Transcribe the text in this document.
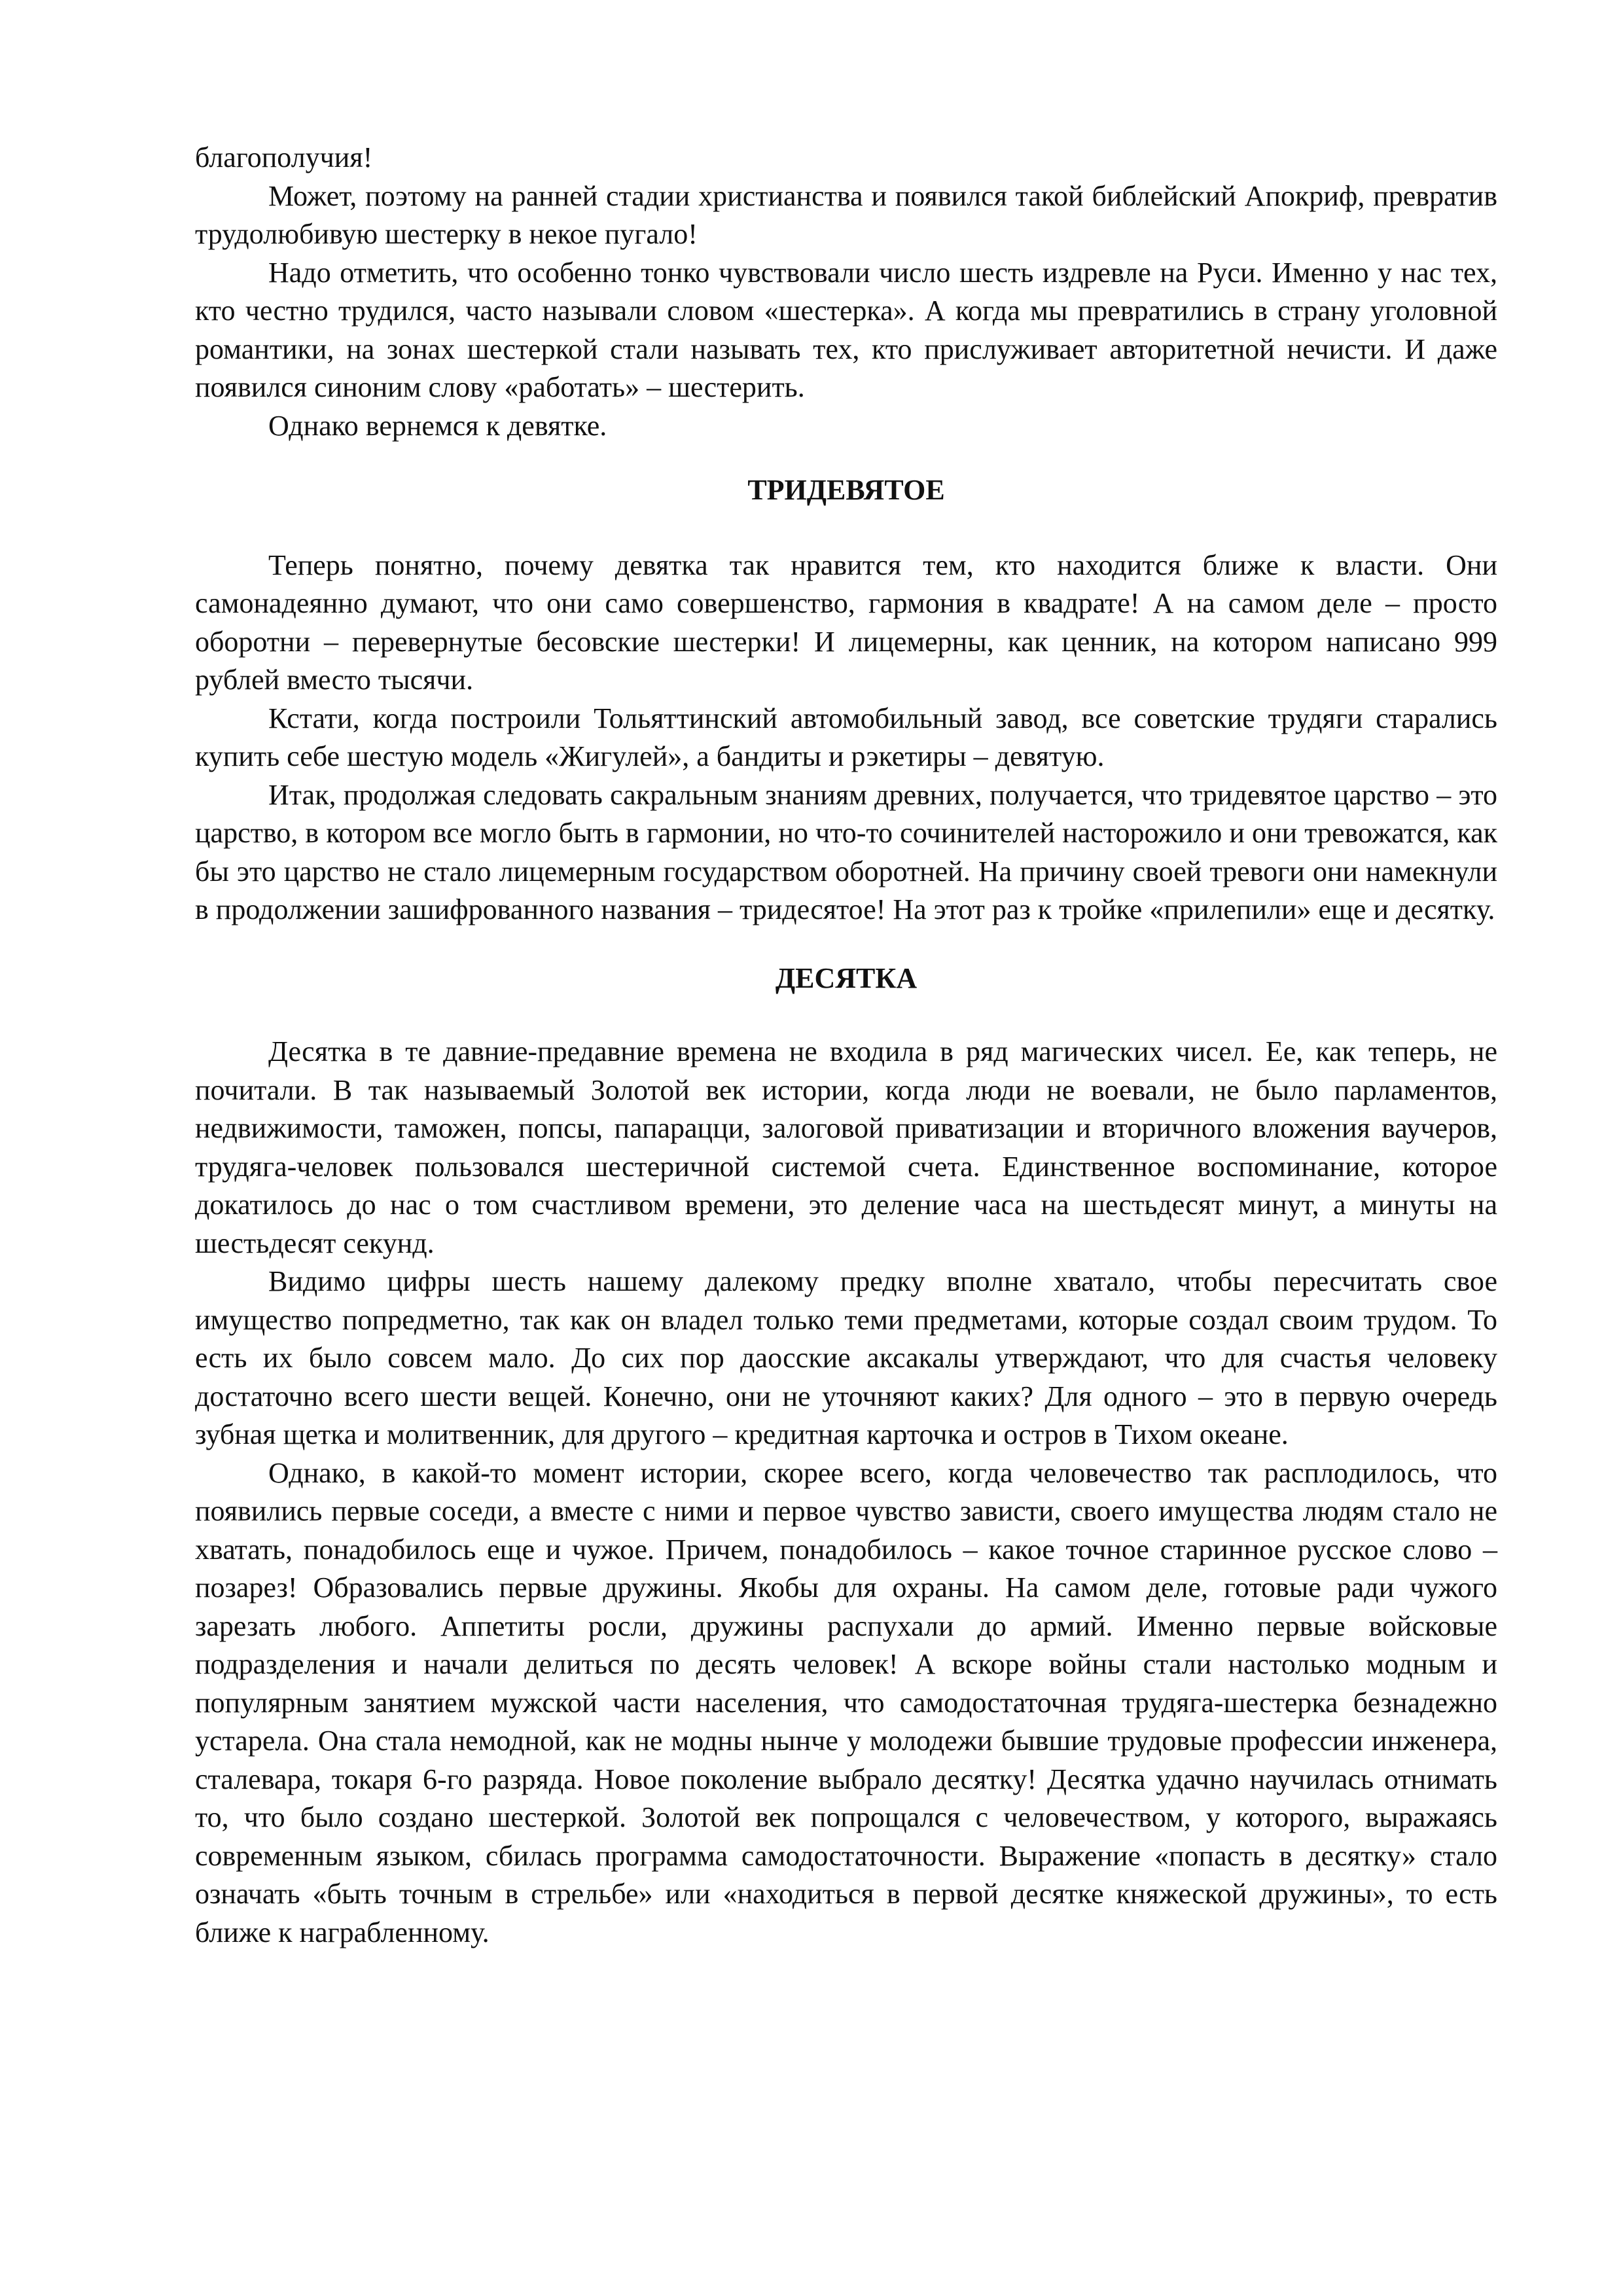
благополучия!

Может, поэтому на ранней стадии христианства и появился такой библейский Апокриф, превратив трудолюбивую шестерку в некое пугало!

Надо отметить, что особенно тонко чувствовали число шесть издревле на Руси. Именно у нас тех, кто честно трудился, часто называли словом «шестерка». А когда мы превратились в страну уголовной романтики, на зонах шестеркой стали называть тех, кто прислуживает авторитетной нечисти. И даже появился синоним слову «работать» – шестерить.

Однако вернемся к девятке.

ТРИДЕВЯТОЕ

Теперь понятно, почему девятка так нравится тем, кто находится ближе к власти. Они самонадеянно думают, что они само совершенство, гармония в квадрате! А на самом деле – просто оборотни – перевернутые бесовские шестерки! И лицемерны, как ценник, на котором написано 999 рублей вместо тысячи.

Кстати, когда построили Тольяттинский автомобильный завод, все советские трудяги старались купить себе шестую модель «Жигулей», а бандиты и рэкетиры – девятую.

Итак, продолжая следовать сакральным знаниям древних, получается, что тридевятое царство – это царство, в котором все могло быть в гармонии, но что-то сочинителей насторожило и они тревожатся, как бы это царство не стало лицемерным государством оборотней. На причину своей тревоги они намекнули в продолжении зашифрованного названия – тридесятое! На этот раз к тройке «прилепили» еще и десятку.

ДЕСЯТКА

Десятка в те давние-предавние времена не входила в ряд магических чисел. Ее, как теперь, не почитали. В так называемый Золотой век истории, когда люди не воевали, не было парламентов, недвижимости, таможен, попсы, папарацци, залоговой приватизации и вторичного вложения ваучеров, трудяга-человек пользовался шестеричной системой счета. Единственное воспоминание, которое докатилось до нас о том счастливом времени, это деление часа на шестьдесят минут, а минуты на шестьдесят секунд.

Видимо цифры шесть нашему далекому предку вполне хватало, чтобы пересчитать свое имущество попредметно, так как он владел только теми предметами, которые создал своим трудом. То есть их было совсем мало. До сих пор даосские аксакалы утверждают, что для счастья человеку достаточно всего шести вещей. Конечно, они не уточняют каких? Для одного – это в первую очередь зубная щетка и молитвенник, для другого – кредитная карточка и остров в Тихом океане.

Однако, в какой-то момент истории, скорее всего, когда человечество так расплодилось, что появились первые соседи, а вместе с ними и первое чувство зависти, своего имущества людям стало не хватать, понадобилось еще и чужое. Причем, понадобилось – какое точное старинное русское слово – позарез! Образовались первые дружины. Якобы для охраны. На самом деле, готовые ради чужого зарезать любого. Аппетиты росли, дружины распухали до армий. Именно первые войсковые подразделения и начали делиться по десять человек! А вскоре войны стали настолько модным и популярным занятием мужской части населения, что самодостаточная трудяга-шестерка безнадежно устарела. Она стала немодной, как не модны нынче у молодежи бывшие трудовые профессии инженера, сталевара, токаря 6-го разряда. Новое поколение выбрало десятку! Десятка удачно научилась отнимать то, что было создано шестеркой. Золотой век попрощался с человечеством, у которого, выражаясь современным языком, сбилась программа самодостаточности. Выражение «попасть в десятку» стало означать «быть точным в стрельбе» или «находиться в первой десятке княжеской дружины», то есть ближе к награбленному.
